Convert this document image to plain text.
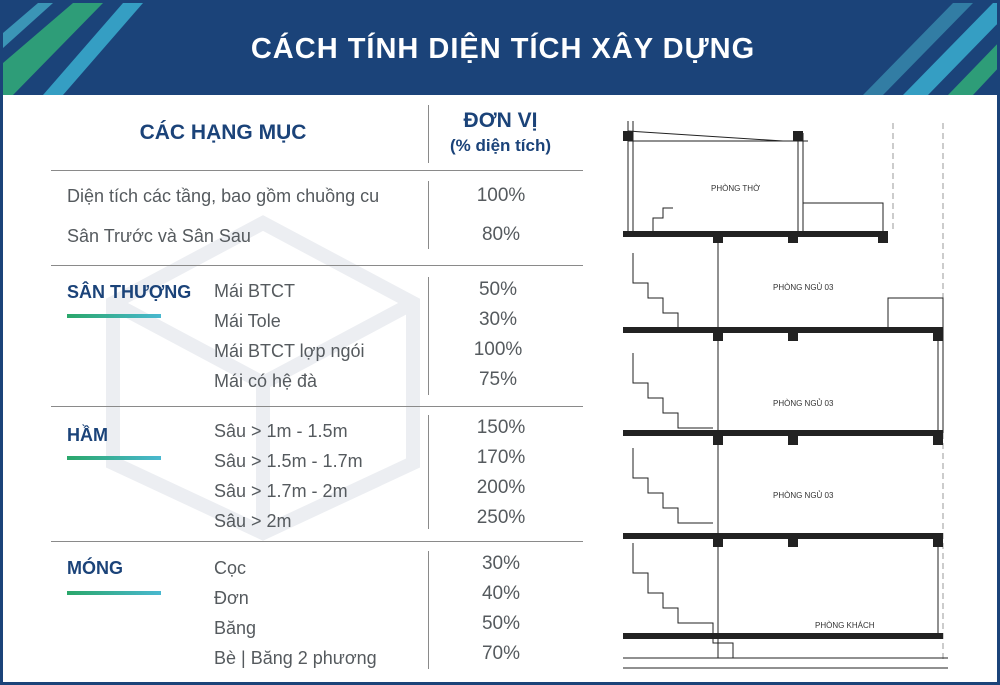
CÁCH TÍNH DIỆN TÍCH XÂY DỰNG
CÁC HẠNG MỤC
ĐƠN VỊ
(% diện tích)
Diện tích các tầng, bao gồm chuồng cu	100%
Sân Trước và Sân Sau	80%
SÂN THƯỢNG Mái BTCT	50%
Mái Tole	30%
Mái BTCT lợp ngói	100%
Mái có hệ đà	75%
HẦM	Sâu > 1m - 1.5m	150%
Sâu > 1.5m - 1.7m	170%
Sâu > 1.7m - 2m	200%
Sâu > 2m	250%
MÓNG	Cọc	30%
Đơn	40%
Băng	50%
Bè | Băng 2 phương	70%
PHÒNG THỜ
PHÒNG NGỦ 03
PHÒNG NGỦ 03
PHÒNG NGỦ 03
PHÒNG KHÁCH
